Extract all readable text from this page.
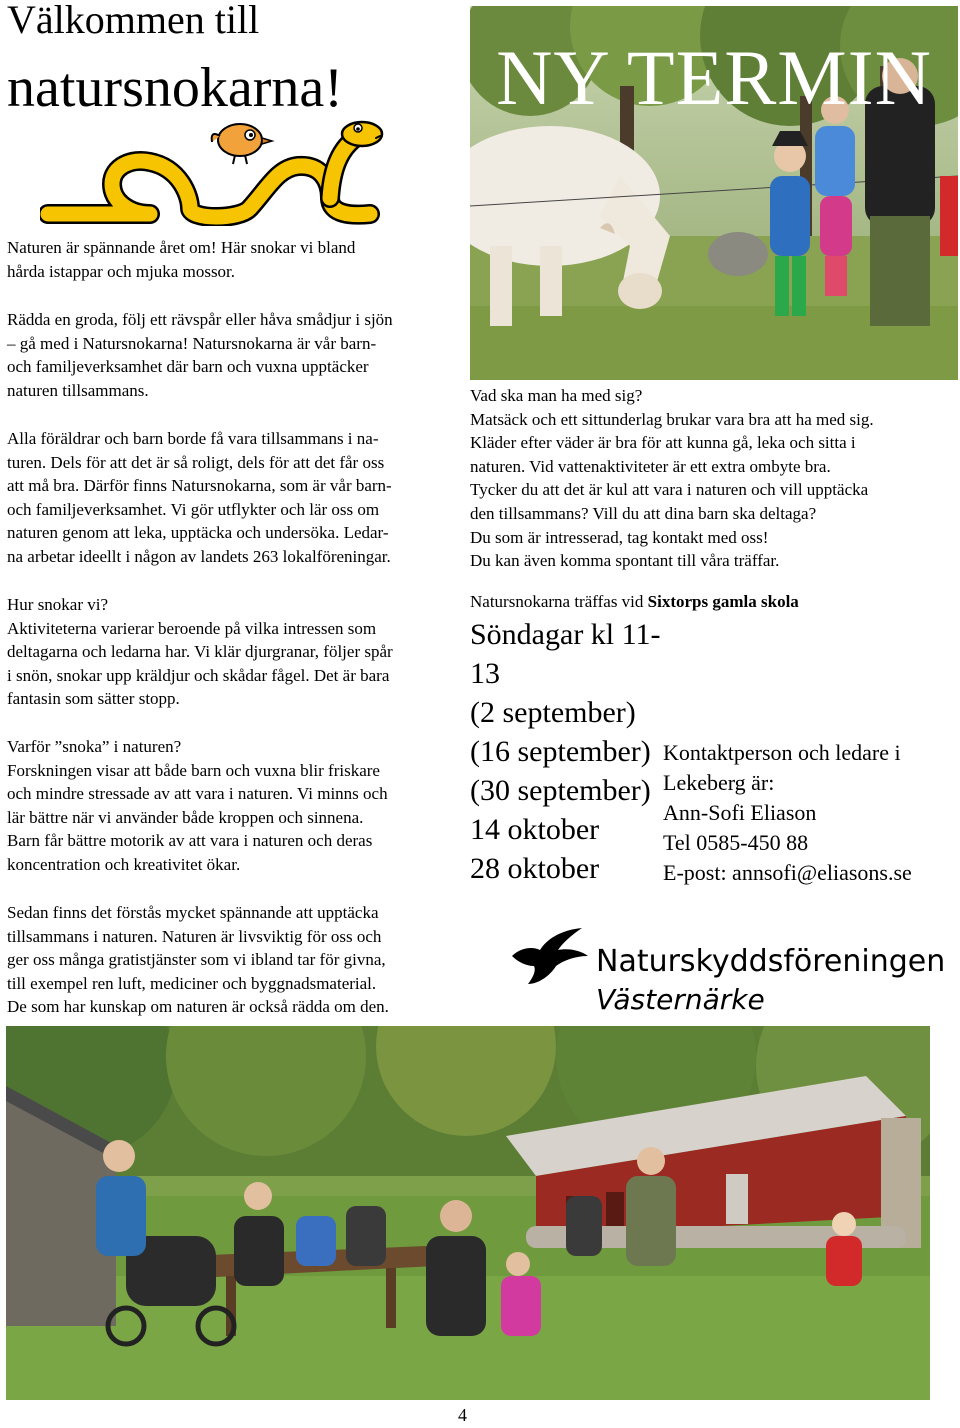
Välkommen till
natursnokarna!	NY TERMIN

Naturen är spännande året om! Här snokar vi bland

hårda istappar och mjuka mossor.

Rädda en groda, följ ett rävspår eller håva smådjur i sjön

– gå med i Natursnokarna! Natursnokarna är vår barn-

och familjeverksamhet där barn och vuxna upptäcker

naturen tillsammans.

Alla föräldrar och barn borde få vara tillsammans i na-

turen. Dels för att det är så roligt, dels för att det får oss

att må bra. Därför finns Natursnokarna, som är vår barn-

och familjeverksamhet. Vi gör utflykter och lär oss om

naturen genom att leka, upptäcka och undersöka. Ledar-

na arbetar ideellt i någon av landets 263 lokalföreningar.

Hur snokar vi?

Aktiviteterna varierar beroende på vilka intressen som

deltagarna och ledarna har. Vi klär djurgranar, följer spår

i snön, snokar upp kräldjur och skådar fågel. Det är bara

fantasin som sätter stopp.

Varför ”snoka” i naturen?

Forskningen visar att både barn och vuxna blir friskare

och mindre stressade av att vara i naturen. Vi minns och

lär bättre när vi använder både kroppen och sinnena.

Barn får bättre motorik av att vara i naturen och deras

koncentration och kreativitet ökar.

Sedan finns det förstås mycket spännande att upptäcka

tillsammans i naturen. Naturen är livsviktig för oss och

ger oss många gratistjänster som vi ibland tar för givna,

till exempel ren luft, mediciner och byggnadsmaterial.

De som har kunskap om naturen är också rädda om den.

Vad ska man ha med sig?

Matsäck och ett sittunderlag brukar vara bra att ha med sig.

Kläder efter väder är bra för att kunna gå, leka och sitta i

naturen. Vid vattenaktiviteter är ett extra ombyte bra.

Tycker du att det är kul att vara i naturen och vill upptäcka

den tillsammans? Vill du att dina barn ska deltaga?

Du som är intresserad, tag kontakt med oss!

Du kan även komma spontant till våra träffar.

Natursnokarna träffas vid Sixtorps gamla skola

Söndagar kl 11-13

(2 september)

(16 september)

(30 september)

14 oktober

28 oktober

Kontaktperson och ledare i

Lekeberg är:

Ann-Sofi Eliason

Tel 0585-450 88

E-post: annsofi@eliasons.se

Naturskyddsföreningen
Västernärke
4
